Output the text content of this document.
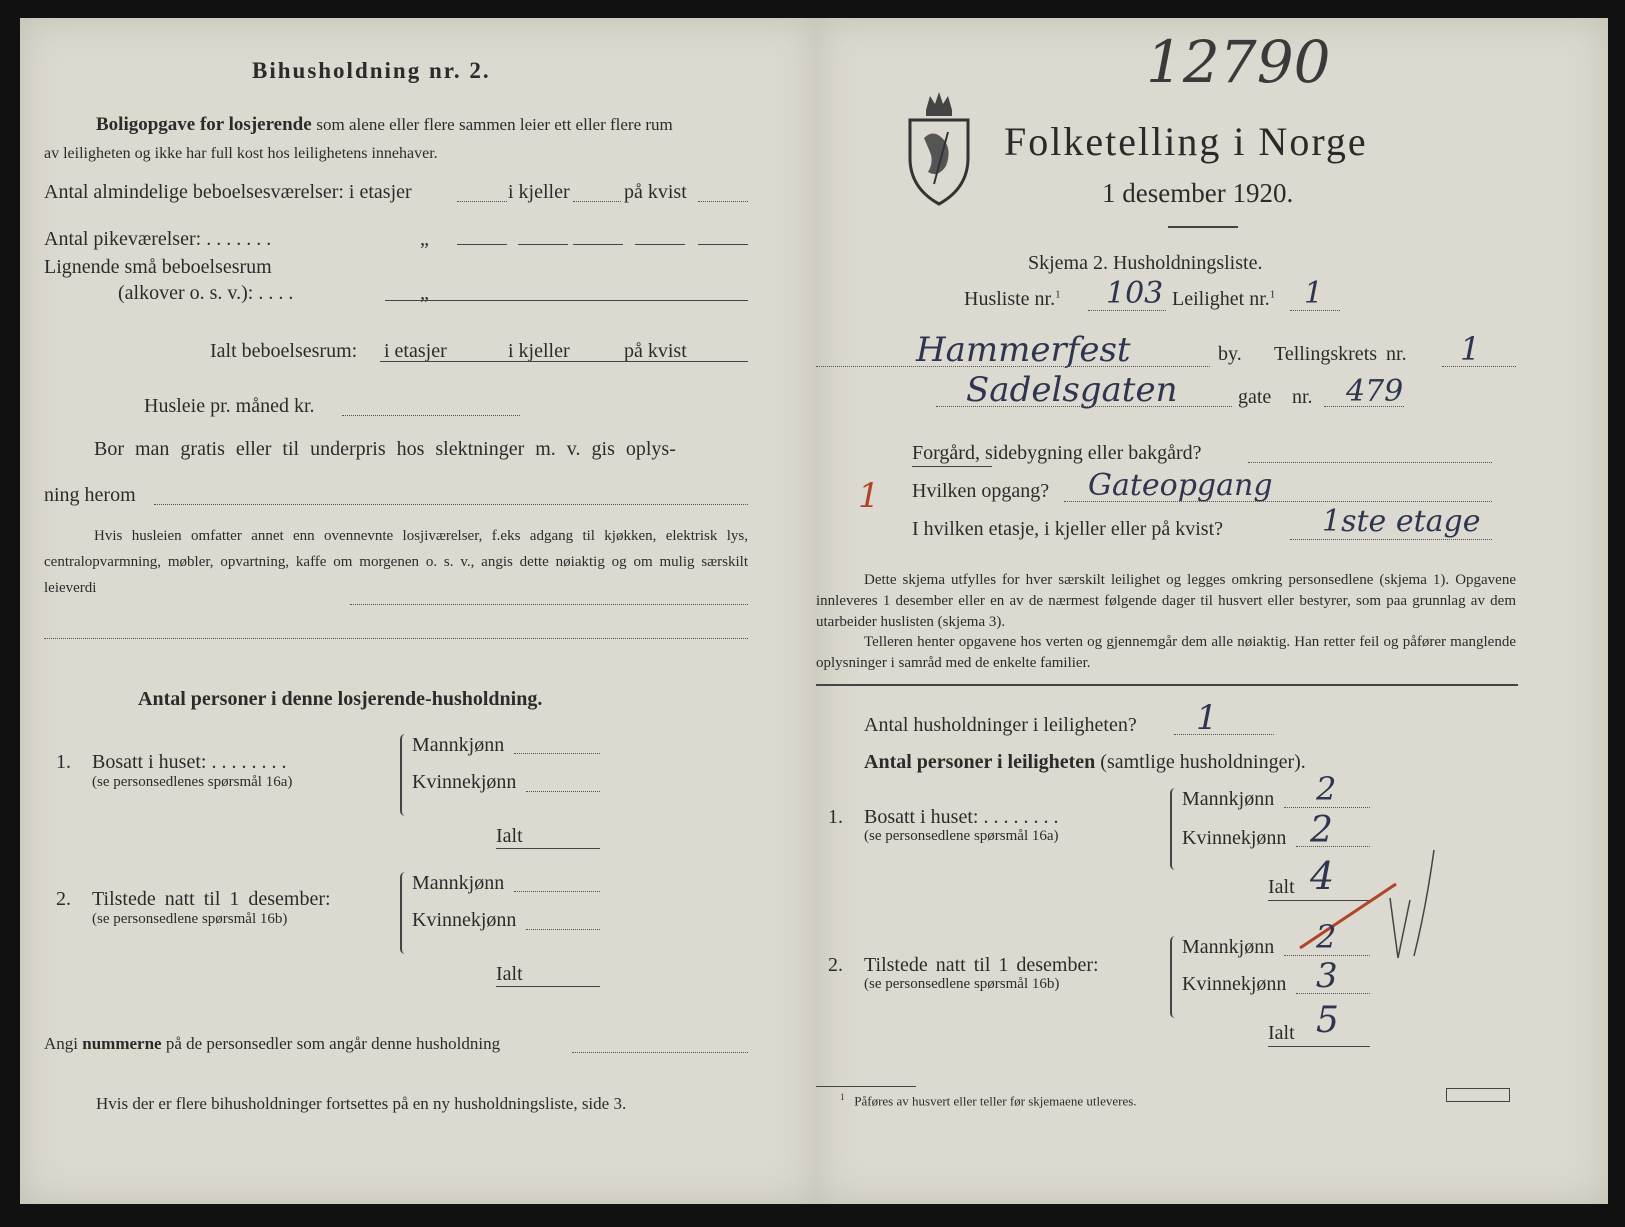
Bihusholdning nr. 2.
Boligopgave for losjerende som alene eller flere sammen leier ett eller flere rum
av leiligheten og ikke har full kost hos leilighetens innehaver.
Antal almindelige beboelsesværelser: i etasjer	i kjeller	på kvist
Antal pikeværelser: . . . . . . .	„
Lignende små beboelsesrum
(alkover o. s. v.): . . . .	„
Ialt beboelsesrum: i etasjer	i kjeller	på kvist
Husleie pr. måned kr.
Bor man gratis eller til underpris hos slektninger m. v. gis oplys-
ning herom
Hvis husleien omfatter annet enn ovennevnte losjiværelser, f.eks adgang til kjøkken, elektrisk lys, centralopvarmning, møbler, opvartning, kaffe om morgenen o. s. v., angis dette nøiaktig og om mulig særskilt leieverdi
Antal personer i denne losjerende-husholdning.
1. Bosatt i huset: . . . . . . . .
(se personsedlenes spørsmål 16a)
Mannkjønn
Kvinnekjønn
Ialt
2. Tilstede natt til 1 desember:
(se personsedlene spørsmål 16b)
Mannkjønn
Kvinnekjønn
Ialt
Angi nummerne på de personsedler som angår denne husholdning
Hvis der er flere bihusholdninger fortsettes på en ny husholdningsliste, side 3.
12790
Folketelling i Norge
1 desember 1920.
Skjema 2. Husholdningsliste.
Husliste nr.$^1$ 103 Leilighet nr.$^1$ 1
Hammerfest	by. Tellingskrets nr. 1
Sadelsgaten	gate nr. 479
1
Forgård, sidebygning eller bakgård?
Hvilken opgang? Gateopgang
I hvilken etasje, i kjeller eller på kvist?	1ste etage
Dette skjema utfylles for hver særskilt leilighet og legges omkring personsedlene (skjema 1). Opgavene innleveres 1 desember eller en av de nærmest følgende dager til husvert eller bestyrer, som paa grunnlag av dem utarbeider huslisten (skjema 3).
Telleren henter opgavene hos verten og gjennemgår dem alle nøiaktig. Han retter feil og påfører manglende oplysninger i samråd med de enkelte familier.
Antal husholdninger i leiligheten? 1
Antal personer i leiligheten (samtlige husholdninger).
1. Bosatt i huset: . . . . . . . .
(se personsedlene spørsmål 16a)
Mannkjønn 2
Kvinnekjønn 2
Ialt 4
2. Tilstede natt til 1 desember:
(se personsedlene spørsmål 16b)
Mannkjønn 2
Kvinnekjønn 3
Ialt 5
$^1$ Påføres av husvert eller teller før skjemaene utleveres.
